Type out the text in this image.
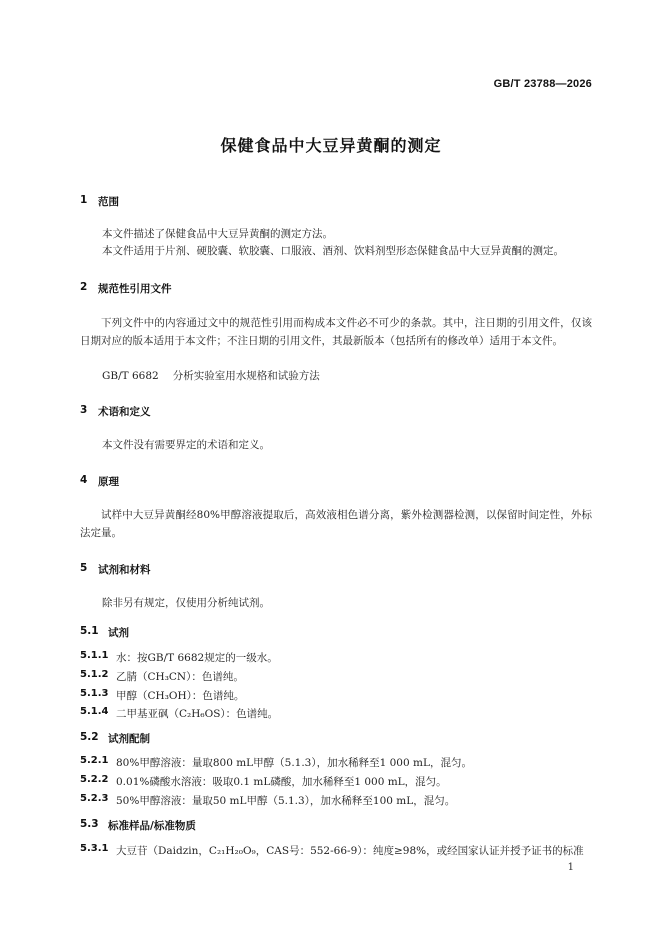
GB/T 23788—2026
保健食品中大豆异黄酮的测定
1 范围
本文件描述了保健食品中大豆异黄酮的测定方法。
本文件适用于片剂、硬胶囊、软胶囊、口服液、酒剂、饮料剂型形态保健食品中大豆异黄酮的测定。
2 规范性引用文件
下列文件中的内容通过文中的规范性引用而构成本文件必不可少的条款。其中，注日期的引用文件，仅该日期对应的版本适用于本文件；不注日期的引用文件，其最新版本（包括所有的修改单）适用于本文件。
GB/T 6682 分析实验室用水规格和试验方法
3 术语和定义
本文件没有需要界定的术语和定义。
4 原理
试样中大豆异黄酮经80%甲醇溶液提取后，高效液相色谱分离，紫外检测器检测，以保留时间定性，外标法定量。
5 试剂和材料
除非另有规定，仅使用分析纯试剂。
5.1 试剂
5.1.1 水：按GB/T 6682规定的一级水。
5.1.2 乙腈（CH₃CN）：色谱纯。
5.1.3 甲醇（CH₃OH）：色谱纯。
5.1.4 二甲基亚砜（C₂H₆OS）：色谱纯。
5.2 试剂配制
5.2.1 80%甲醇溶液：量取800 mL甲醇（5.1.3），加水稀释至1 000 mL，混匀。
5.2.2 0.01%磷酸水溶液：吸取0.1 mL磷酸，加水稀释至1 000 mL，混匀。
5.2.3 50%甲醇溶液：量取50 mL甲醇（5.1.3），加水稀释至100 mL，混匀。
5.3 标准样品/标准物质
5.3.1 大豆苷（Daidzin，C₂₁H₂₀O₉，CAS号：552-66-9）：纯度≥98%，或经国家认证并授予证书的标准
1
